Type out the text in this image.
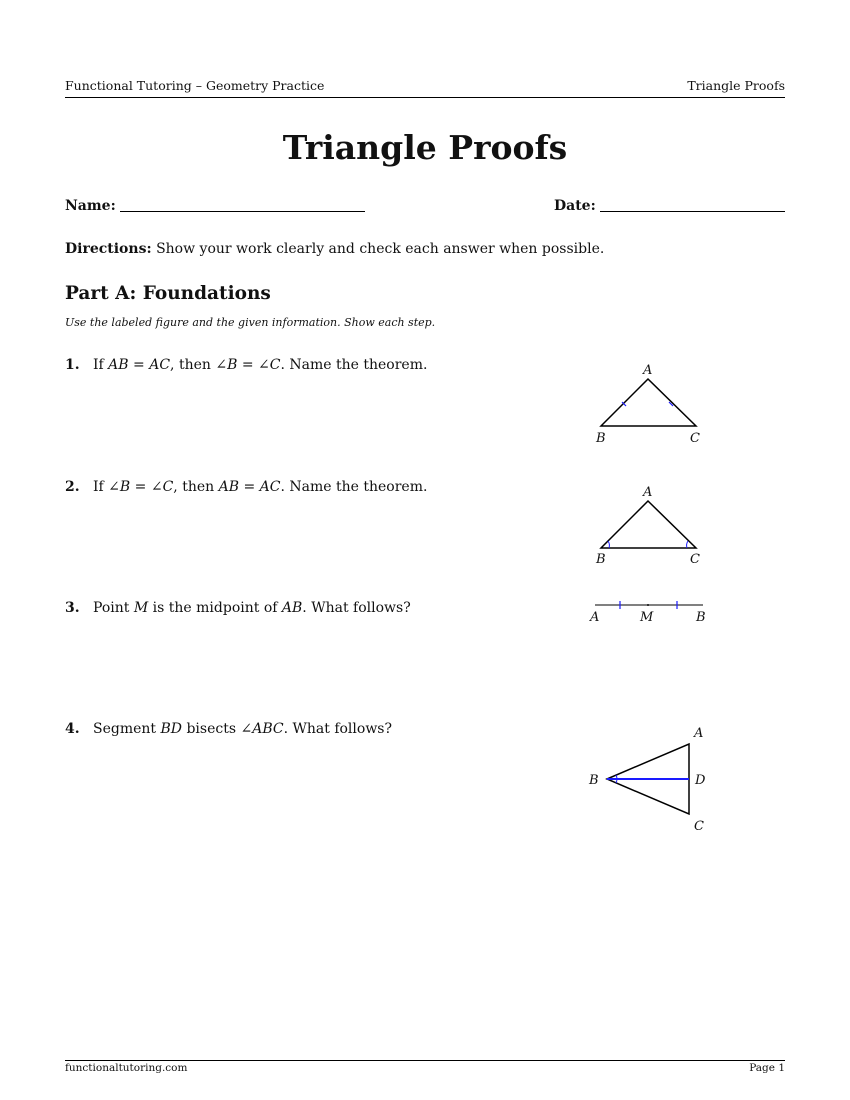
Functional Tutoring – Geometry Practice	Triangle Proofs
Triangle Proofs
Name:	Date:
Directions: Show your work clearly and check each answer when possible.
Part A: Foundations
Use the labeled figure and the given information. Show each step.
1. If AB = AC, then ∠B = ∠C. Name the theorem.	A
B	C
2. If ∠B = ∠C, then AB = AC. Name the theorem.	A
B	C
3. Point M is the midpoint of AB. What follows?
A	M	B
4. Segment BD bisects ∠ABC. What follows?	A
B
C
D
functionaltutoring.com	Page 1
